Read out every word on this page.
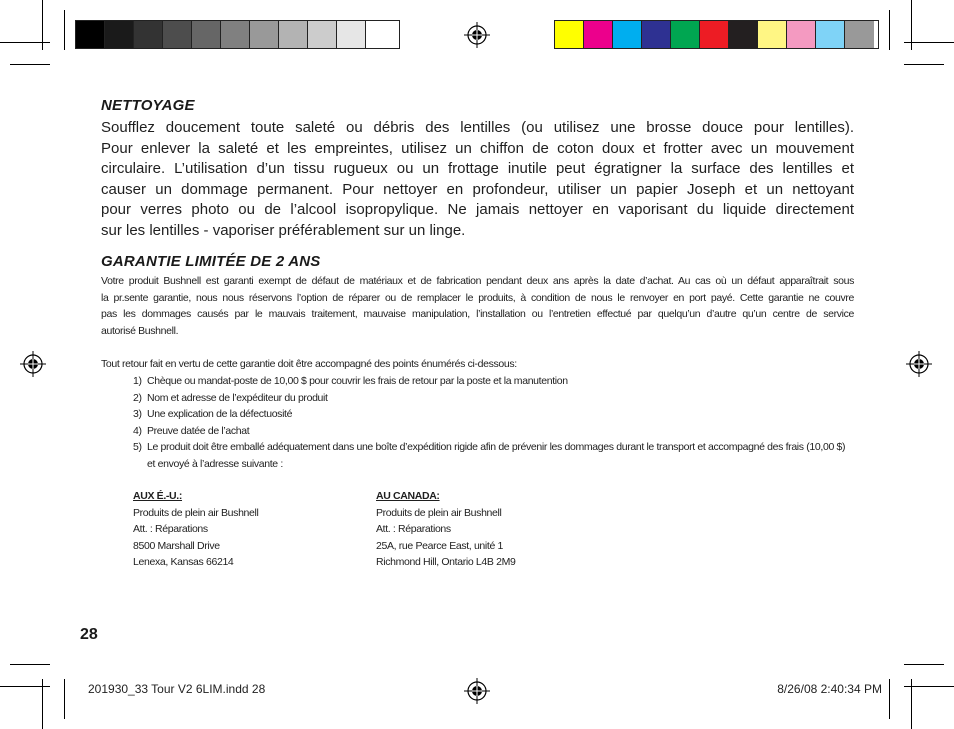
NETTOYAGE
Soufflez doucement toute saleté ou débris des lentilles (ou utilisez une brosse douce pour lentilles).
Pour enlever la saleté et les empreintes, utilisez un chiffon de coton doux et frotter avec un mouvement
circulaire. L’utilisation d’un tissu rugueux ou un frottage inutile peut égratigner la surface des lentilles et
causer un dommage permanent. Pour nettoyer en profondeur, utiliser un papier Joseph et un nettoyant
pour verres photo ou de l’alcool isopropylique. Ne jamais nettoyer en vaporisant du liquide directement
sur les lentilles - vaporiser préférablement sur un linge.
GARANTIE LIMITÉE DE 2 ANS
Votre produit Bushnell est garanti exempt de défaut de matériaux et de fabrication pendant deux ans après la date d’achat. Au cas où un défaut apparaîtrait sous
la pr.sente garantie, nous nous réservons l’option de réparer ou de remplacer le produits, à condition de nous le renvoyer en port payé. Cette garantie ne couvre
pas les dommages causés par le mauvais traitement, mauvaise manipulation, l’installation ou l’entretien effectué par quelqu’un d’autre qu’un centre de service
autorisé Bushnell.
Tout retour fait en vertu de cette garantie doit être accompagné des points énumérés ci-dessous:
1) Chèque ou mandat-poste de 10,00 $ pour couvrir les frais de retour par la poste et la manutention
2) Nom et adresse de l’expéditeur du produit
3) Une explication de la défectuosité
4) Preuve datée de l’achat
5) Le produit doit être emballé adéquatement dans une boîte d’expédition rigide afin de prévenir les dommages durant le transport et accompagné des frais (10,00 $) et envoyé à l’adresse suivante :
AUX É.-U.:
Produits de plein air Bushnell
Att. : Réparations
8500 Marshall Drive
Lenexa, Kansas 66214
AU CANADA:
Produits de plein air Bushnell
Att. : Réparations
25A, rue Pearce East, unité 1
Richmond Hill, Ontario L4B 2M9
28
201930_33 Tour V2 6LIM.indd 28	8/26/08 2:40:34 PM
